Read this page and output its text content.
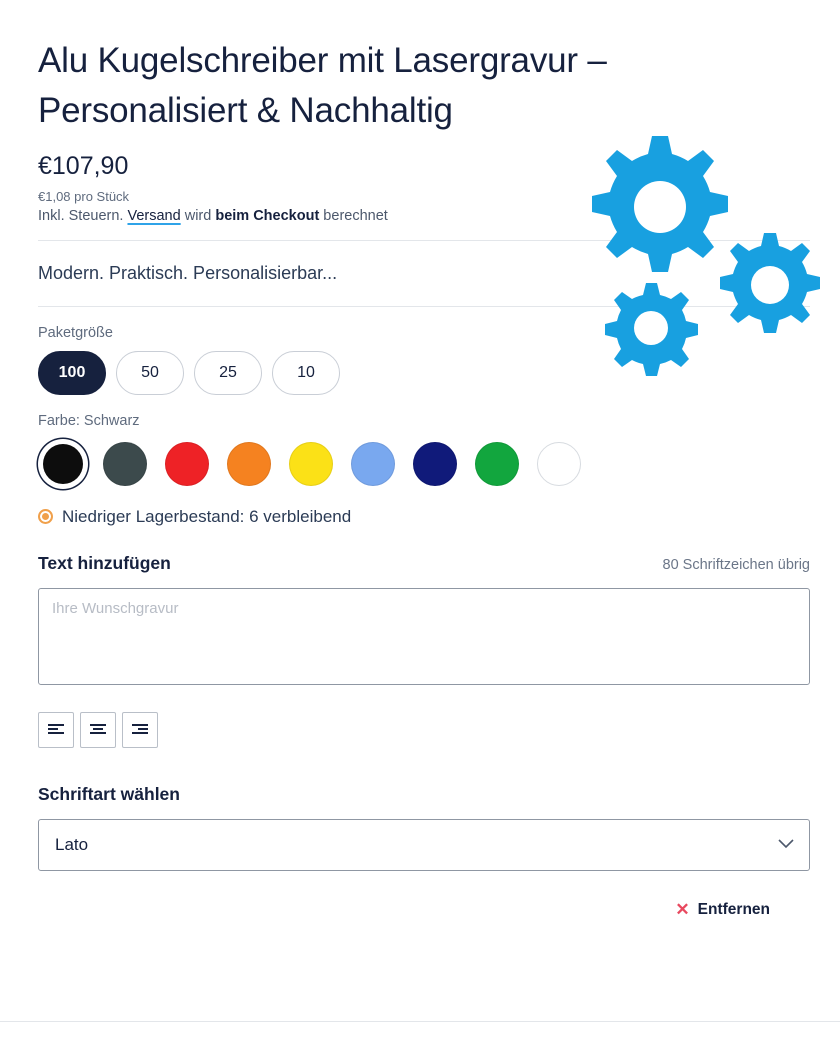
Alu Kugelschreiber mit Lasergravur – Personalisiert & Nachhaltig
€107,90
€1,08 pro Stück
Inkl. Steuern. Versand wird beim Checkout berechnet
Modern. Praktisch. Personalisierbar...
Paketgröße
100	50	25	10
Farbe: Schwarz
Niedriger Lagerbestand: 6 verbleibend
Text hinzufügen	80 Schriftzeichen übrig
Ihre Wunschgravur
Schriftart wählen
Lato
✕ Entfernen
